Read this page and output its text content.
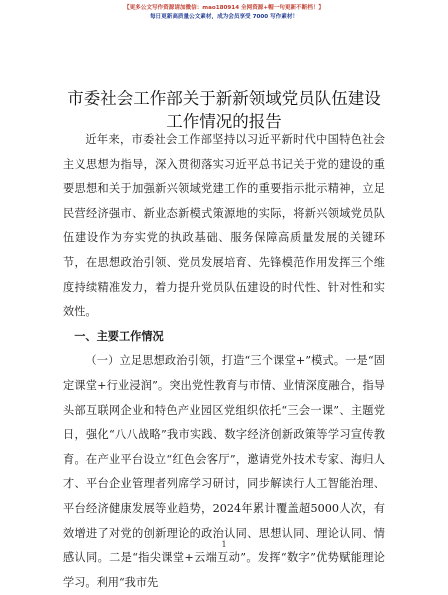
【更多公文写作资源请加微信：mao180914 全网资源+帽一句更新不断档！】
每日更新高质量公文素材，成为会员享受 7000 写作素材！
市委社会工作部关于新新领域党员队伍建设工作情况的报告

近年来，市委社会工作部坚持以习近平新时代中国特色社会主义思想为指导，深入贯彻落实习近平总书记关于党的建设的重要思想和关于加强新兴领域党建工作的重要指示批示精神，立足民营经济强市、新业态新模式策源地的实际，将新兴领域党员队伍建设作为夯实党的执政基础、服务保障高质量发展的关键环节，在思想政治引领、党员发展培育、先锋模范作用发挥三个维度持续精准发力，着力提升党员队伍建设的时代性、针对性和实效性。

一、主要工作情况

（一）立足思想政治引领，打造“三个课堂+”模式。一是“固定课堂+行业浸润”。突出党性教育与市情、业情深度融合，指导头部互联网企业和特色产业园区党组织依托“三会一课”、主题党日，强化“八八战略”我市实践、数字经济创新政策等学习宣传教育。在产业平台设立“红色会客厅”，邀请党外技术专家、海归人才、平台企业管理者列席学习研讨，同步解读行人工智能治理、平台经济健康发展等业趋势，2024年累计覆盖超5000人次，有效增进了对党的创新理论的政治认同、思想认同、理论认同、情感认同。二是“指尖课堂+云端互动”。发挥“数字”优势赋能理论学习。利用“我市先

1
